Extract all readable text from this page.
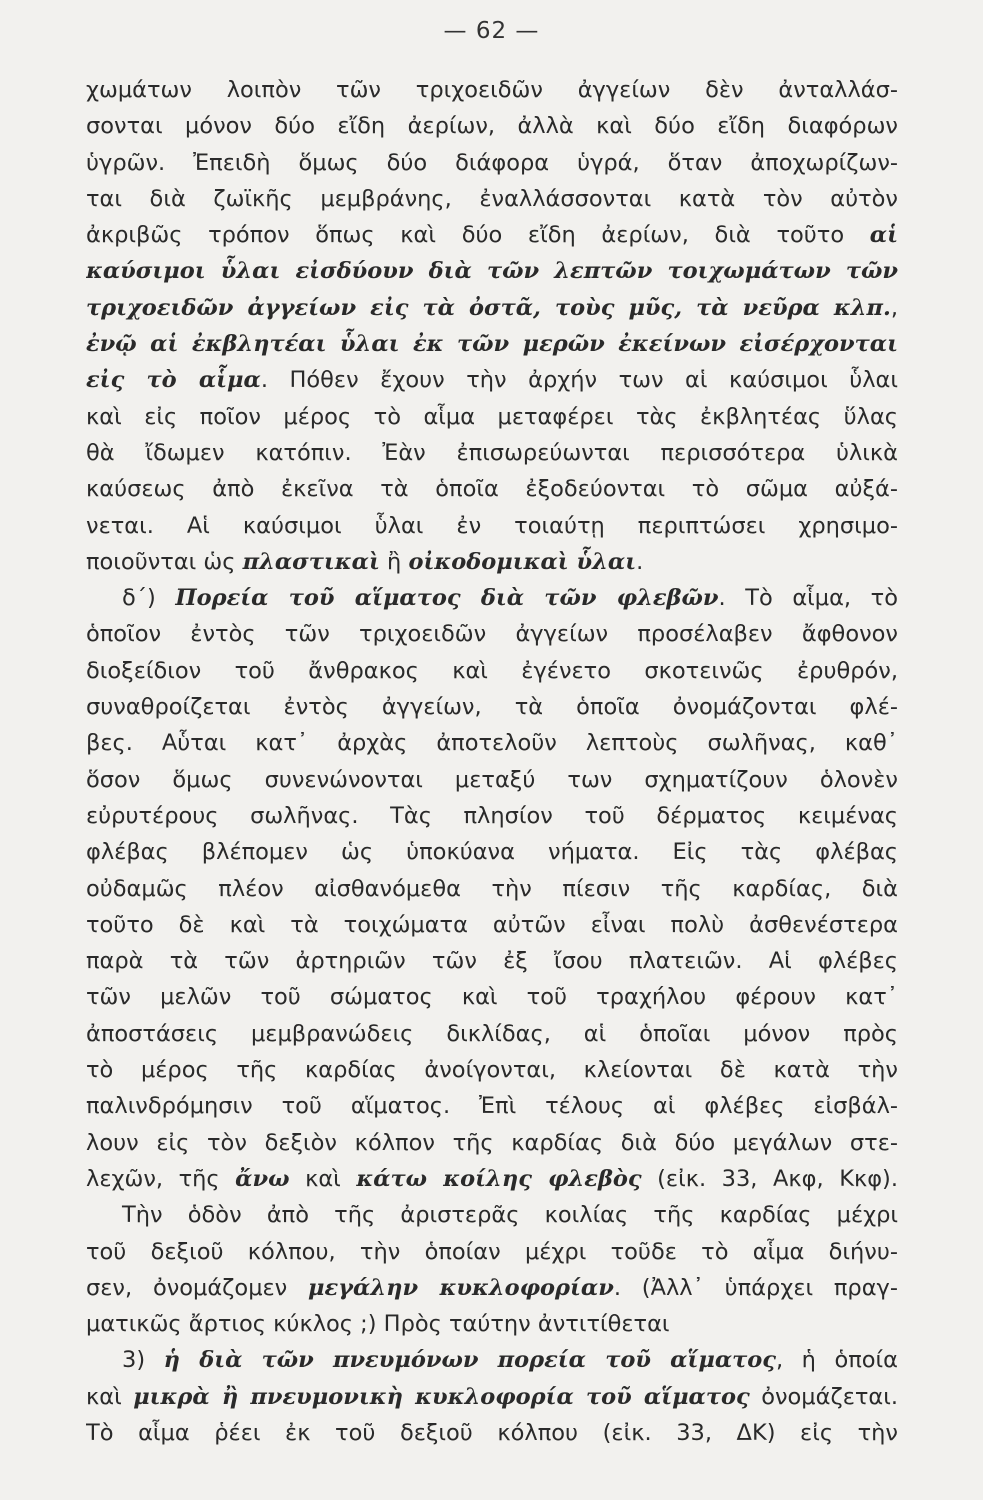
— 62 —
χωμάτων λοιπὸν τῶν τριχοειδῶν ἀγγείων δὲν ἀνταλλάσ-
σονται μόνον δύο εἴδη ἀερίων, ἀλλὰ καὶ δύο εἴδη διαφόρων
ὑγρῶν. Ἐπειδὴ ὅμως δύο διάφορα ὑγρά, ὅταν ἀποχωρίζων-
ται διὰ ζωϊκῆς μεμβράνης, ἐναλλάσσονται κατὰ τὸν αὐτὸν
ἀκριβῶς τρόπον ὅπως καὶ δύο εἴδη ἀερίων, διὰ τοῦτο αἱ
καύσιμοι ὗλαι εἰσδύουν διὰ τῶν λεπτῶν τοιχωμάτων τῶν
τριχοειδῶν ἀγγείων εἰς τὰ ὀστᾶ, τοὺς μῦς, τὰ νεῦρα κλπ.,
ἐνῷ αἱ ἐκβλητέαι ὗλαι ἐκ τῶν μερῶν ἐκείνων εἰσέρχονται
εἰς τὸ αἷμα. Πόθεν ἔχουν τὴν ἀρχήν των αἱ καύσιμοι ὗλαι
καὶ εἰς ποῖον μέρος τὸ αἷμα μεταφέρει τὰς ἐκβλητέας ὕλας
θὰ ἴδωμεν κατόπιν. Ἐὰν ἐπισωρεύωνται περισσότερα ὑλικὰ
καύσεως ἀπὸ ἐκεῖνα τὰ ὁποῖα ἐξοδεύονται τὸ σῶμα αὐξά-
νεται. Αἱ καύσιμοι ὗλαι ἐν τοιαύτῃ περιπτώσει χρησιμο-
ποιοῦνται ὡς πλαστικαὶ ἢ οἰκοδομικαὶ ὗλαι.
δ΄) Πορεία τοῦ αἵματος διὰ τῶν φλεβῶν. Τὸ αἷμα, τὸ
ὁποῖον ἐντὸς τῶν τριχοειδῶν ἀγγείων προσέλαβεν ἄφθονον
διοξείδιον τοῦ ἄνθρακος καὶ ἐγένετο σκοτεινῶς ἐρυθρόν,
συναθροίζεται ἐντὸς ἀγγείων, τὰ ὁποῖα ὀνομάζονται φλέ-
βες. Αὗται κατ᾿ ἀρχὰς ἀποτελοῦν λεπτοὺς σωλῆνας, καθ᾿
ὅσον ὅμως συνενώνονται μεταξύ των σχηματίζουν ὁλονὲν
εὐρυτέρους σωλῆνας. Τὰς πλησίον τοῦ δέρματος κειμένας
φλέβας βλέπομεν ὡς ὑποκύανα νήματα. Εἰς τὰς φλέβας
οὐδαμῶς πλέον αἰσθανόμεθα τὴν πίεσιν τῆς καρδίας, διὰ
τοῦτο δὲ καὶ τὰ τοιχώματα αὐτῶν εἶναι πολὺ ἀσθενέστερα
παρὰ τὰ τῶν ἀρτηριῶν τῶν ἐξ ἴσου πλατειῶν. Αἱ φλέβες
τῶν μελῶν τοῦ σώματος καὶ τοῦ τραχήλου φέρουν κατ᾿
ἀποστάσεις μεμβρανώδεις δικλίδας, αἱ ὁποῖαι μόνον πρὸς
τὸ μέρος τῆς καρδίας ἀνοίγονται, κλείονται δὲ κατὰ τὴν
παλινδρόμησιν τοῦ αἵματος. Ἐπὶ τέλους αἱ φλέβες εἰσβάλ-
λουν εἰς τὸν δεξιὸν κόλπον τῆς καρδίας διὰ δύο μεγάλων στε-
λεχῶν, τῆς ἄνω καὶ κάτω κοίλης φλεβὸς (εἰκ. 33, Ακφ, Κκφ).
Τὴν ὁδὸν ἀπὸ τῆς ἀριστερᾶς κοιλίας τῆς καρδίας μέχρι
τοῦ δεξιοῦ κόλπου, τὴν ὁποίαν μέχρι τοῦδε τὸ αἷμα διήνυ-
σεν, ὀνομάζομεν μεγάλην κυκλοφορίαν. (Ἀλλ᾿ ὑπάρχει πραγ-
ματικῶς ἄρτιος κύκλος ;) Πρὸς ταύτην ἀντιτίθεται
3) ἡ διὰ τῶν πνευμόνων πορεία τοῦ αἵματος, ἡ ὁποία
καὶ μικρὰ ἢ πνευμονικὴ κυκλοφορία τοῦ αἵματος ὀνομάζεται.
Τὸ αἷμα ῥέει ἐκ τοῦ δεξιοῦ κόλπου (εἰκ. 33, ΔΚ) εἰς τὴν
